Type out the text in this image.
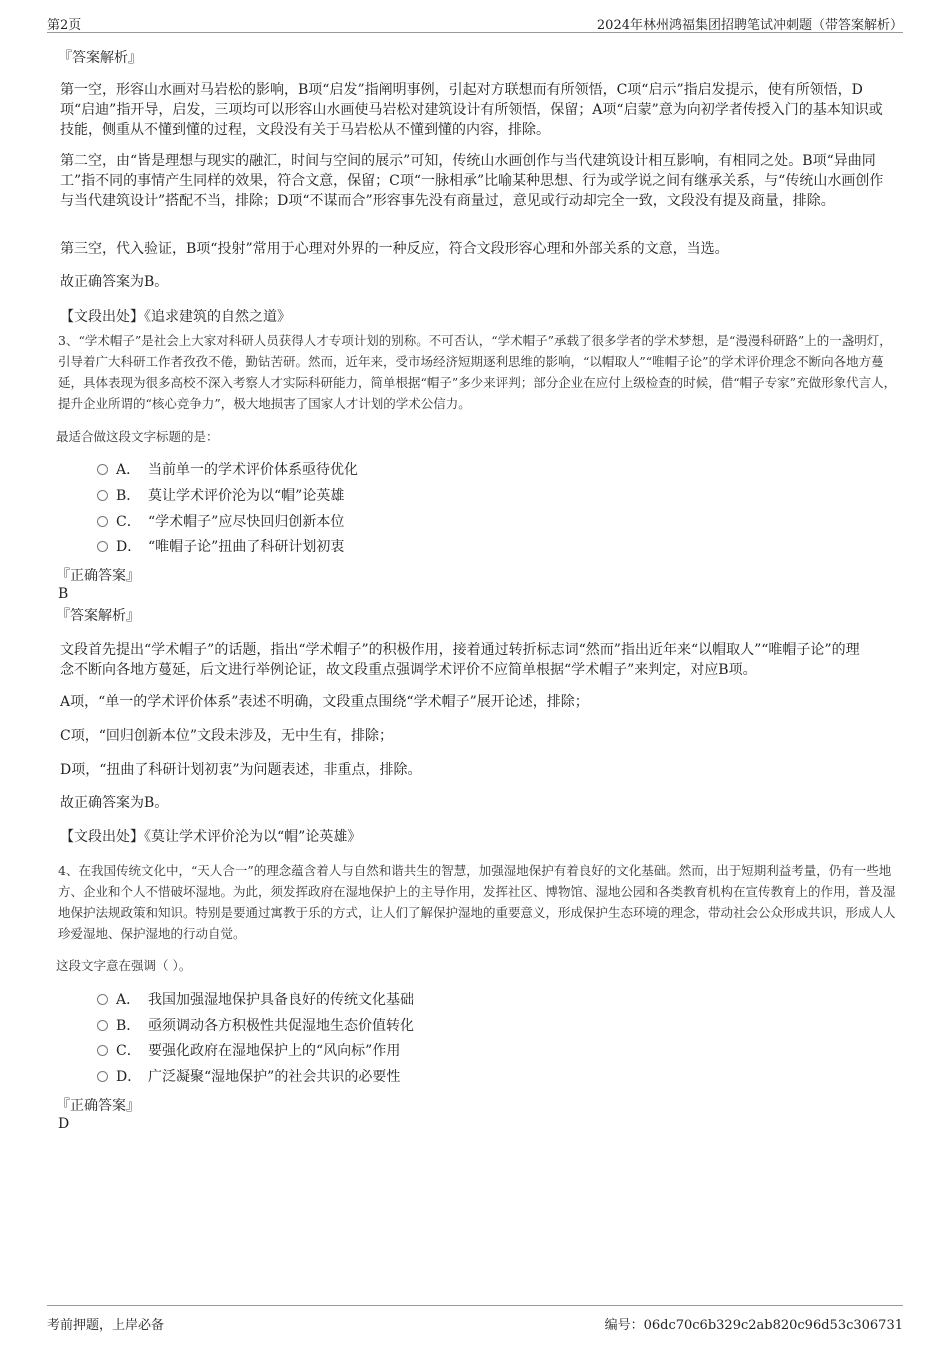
第2页	2024年林州鸿福集团招聘笔试冲刺题（带答案解析）

『答案解析』

第一空，形容山水画对马岩松的影响，B项“启发”指阐明事例，引起对方联想而有所领悟，C项“启示”指启发提示，使有所领悟，D项“启迪”指开导，启发，三项均可以形容山水画使马岩松对建筑设计有所领悟，保留；A项“启蒙”意为向初学者传授入门的基本知识或技能，侧重从不懂到懂的过程，文段没有关于马岩松从不懂到懂的内容，排除。

第二空，由“皆是理想与现实的融汇，时间与空间的展示”可知，传统山水画创作与当代建筑设计相互影响，有相同之处。B项“异曲同工”指不同的事情产生同样的效果，符合文意，保留；C项“一脉相承”比喻某种思想、行为或学说之间有继承关系，与“传统山水画创作与当代建筑设计”搭配不当，排除；D项“不谋而合”形容事先没有商量过，意见或行动却完全一致，文段没有提及商量，排除。

第三空，代入验证，B项“投射”常用于心理对外界的一种反应，符合文段形容心理和外部关系的文意，当选。

故正确答案为B。

【文段出处】《追求建筑的自然之道》

3、“学术帽子”是社会上大家对科研人员获得人才专项计划的别称。不可否认，“学术帽子”承载了很多学者的学术梦想，是“漫漫科研路”上的一盏明灯，引导着广大科研工作者孜孜不倦，勤钻苦研。然而，近年来，受市场经济短期逐利思维的影响，“以帽取人”“唯帽子论”的学术评价理念不断向各地方蔓延，具体表现为很多高校不深入考察人才实际科研能力，简单根据“帽子”多少来评判；部分企业在应付上级检查的时候，借“帽子专家”充做形象代言人，提升企业所谓的“核心竞争力”，极大地损害了国家人才计划的学术公信力。

最适合做这段文字标题的是：

A． 当前单一的学术评价体系亟待优化
B． 莫让学术评价沦为以“帽”论英雄
C． “学术帽子”应尽快回归创新本位
D． “唯帽子论”扭曲了科研计划初衷

『正确答案』

B

『答案解析』

文段首先提出“学术帽子”的话题，指出“学术帽子”的积极作用，接着通过转折标志词“然而”指出近年来“以帽取人”“唯帽子论”的理念不断向各地方蔓延，后文进行举例论证，故文段重点强调学术评价不应简单根据“学术帽子”来判定，对应B项。

A项，“单一的学术评价体系”表述不明确，文段重点围绕“学术帽子”展开论述，排除；

C项，“回归创新本位”文段未涉及，无中生有，排除；

D项，“扭曲了科研计划初衷”为问题表述，非重点，排除。

故正确答案为B。

【文段出处】《莫让学术评价沦为以“帽”论英雄》

4、在我国传统文化中，“天人合一”的理念蕴含着人与自然和谐共生的智慧，加强湿地保护有着良好的文化基础。然而，出于短期利益考量，仍有一些地方、企业和个人不惜破坏湿地。为此，须发挥政府在湿地保护上的主导作用，发挥社区、博物馆、湿地公园和各类教育机构在宣传教育上的作用，普及湿地保护法规政策和知识。特别是要通过寓教于乐的方式，让人们了解保护湿地的重要意义，形成保护生态环境的理念，带动社会公众形成共识，形成人人珍爱湿地、保护湿地的行动自觉。

这段文字意在强调（ ）。

A． 我国加强湿地保护具备良好的传统文化基础
B． 亟须调动各方积极性共促湿地生态价值转化
C． 要强化政府在湿地保护上的“风向标”作用
D． 广泛凝聚“湿地保护”的社会共识的必要性

『正确答案』

D

考前押题，上岸必备	编号：06dc70c6b329c2ab820c96d53c306731
